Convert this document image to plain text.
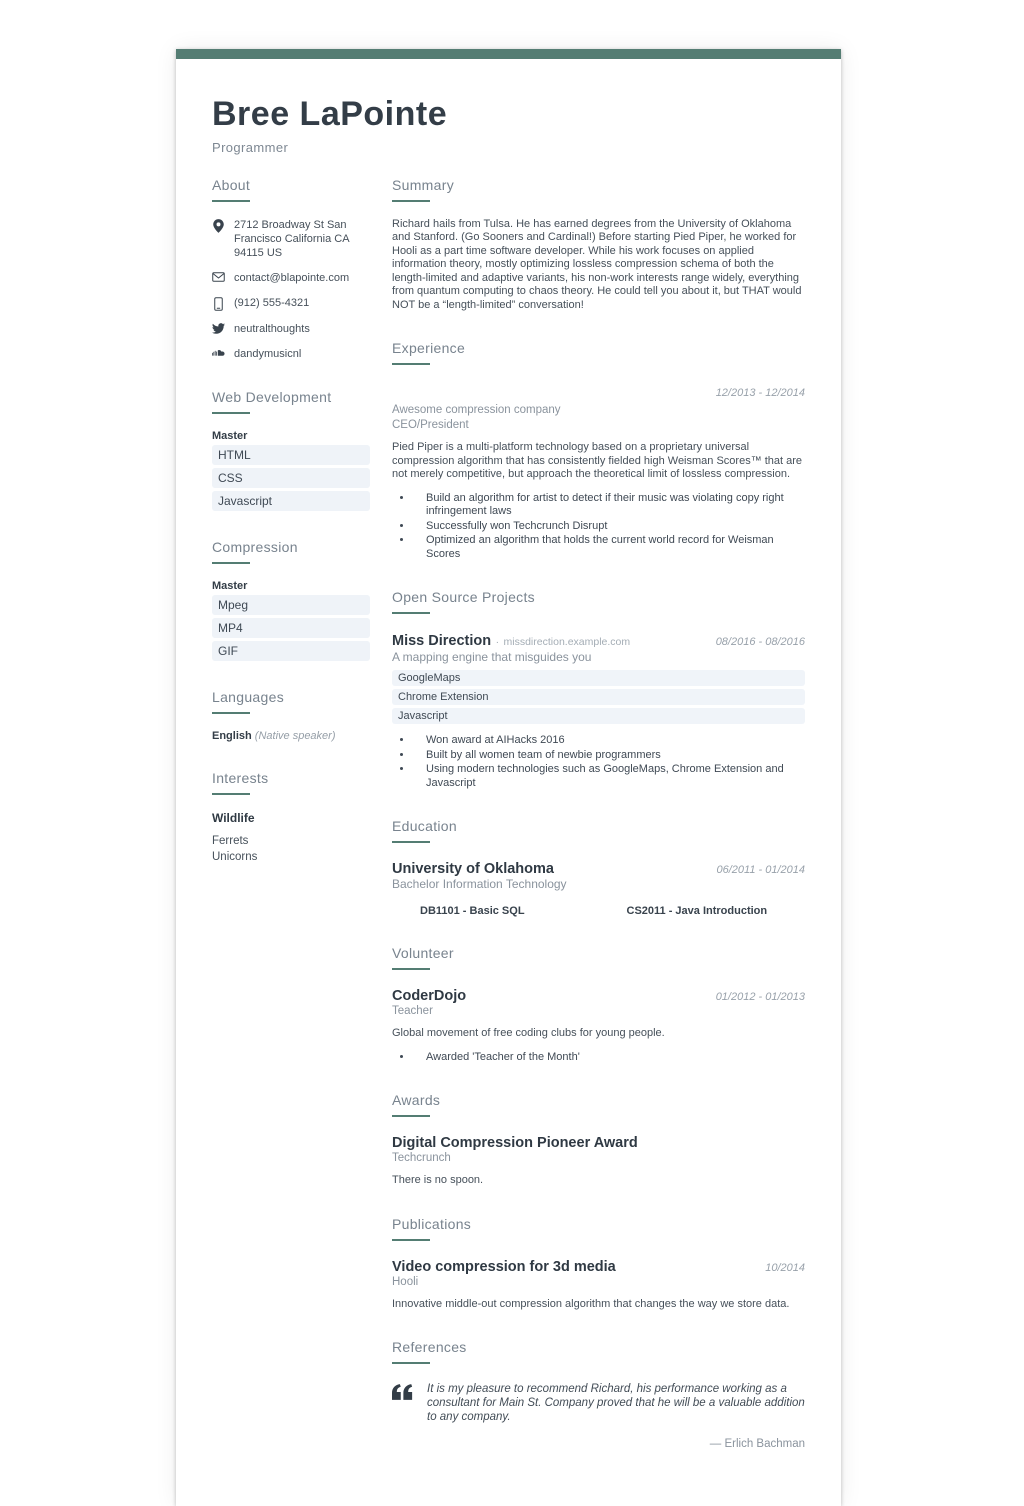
Bree LaPointe
Programmer
About
2712 Broadway St San Francisco California CA 94115 US
contact@blapointe.com
(912) 555-4321
neutralthoughts
dandymusicnl
Web Development
Master
HTML
CSS
Javascript
Compression
Master
Mpeg
MP4
GIF
Languages
English (Native speaker)
Interests
Wildlife
Ferrets
Unicorns
Summary

Richard hails from Tulsa. He has earned degrees from the University of Oklahoma and Stanford. (Go Sooners and Cardinal!) Before starting Pied Piper, he worked for Hooli as a part time software developer. While his work focuses on applied information theory, mostly optimizing lossless compression schema of both the length-limited and adaptive variants, his non-work interests range widely, everything from quantum computing to chaos theory. He could tell you about it, but THAT would NOT be a “length-limited” conversation!

Experience
12/2013 - 12/2014
Awesome compression company
CEO/President

Pied Piper is a multi-platform technology based on a proprietary universal compression algorithm that has consistently fielded high Weisman Scores™ that are not merely competitive, but approach the theoretical limit of lossless compression.

• Build an algorithm for artist to detect if their music was violating copy right infringement laws
• Successfully won Techcrunch Disrupt
• Optimized an algorithm that holds the current world record for Weisman Scores
Open Source Projects
Miss Direction · missdirection.example.com	08/2016 - 08/2016
A mapping engine that misguides you
GoogleMaps
Chrome Extension
Javascript
• Won award at AIHacks 2016
• Built by all women team of newbie programmers
• Using modern technologies such as GoogleMaps, Chrome Extension and Javascript
Education
University of Oklahoma	06/2011 - 01/2014
Bachelor Information Technology
DB1101 - Basic SQL	CS2011 - Java Introduction
Volunteer
CoderDojo	01/2012 - 01/2013
Teacher

Global movement of free coding clubs for young people.

• Awarded 'Teacher of the Month'
Awards
Digital Compression Pioneer Award
Techcrunch

There is no spoon.

Publications
Video compression for 3d media	10/2014
Hooli

Innovative middle-out compression algorithm that changes the way we store data.

References
It is my pleasure to recommend Richard, his performance working as a consultant for Main St. Company proved that he will be a valuable addition to any company.
— Erlich Bachman
